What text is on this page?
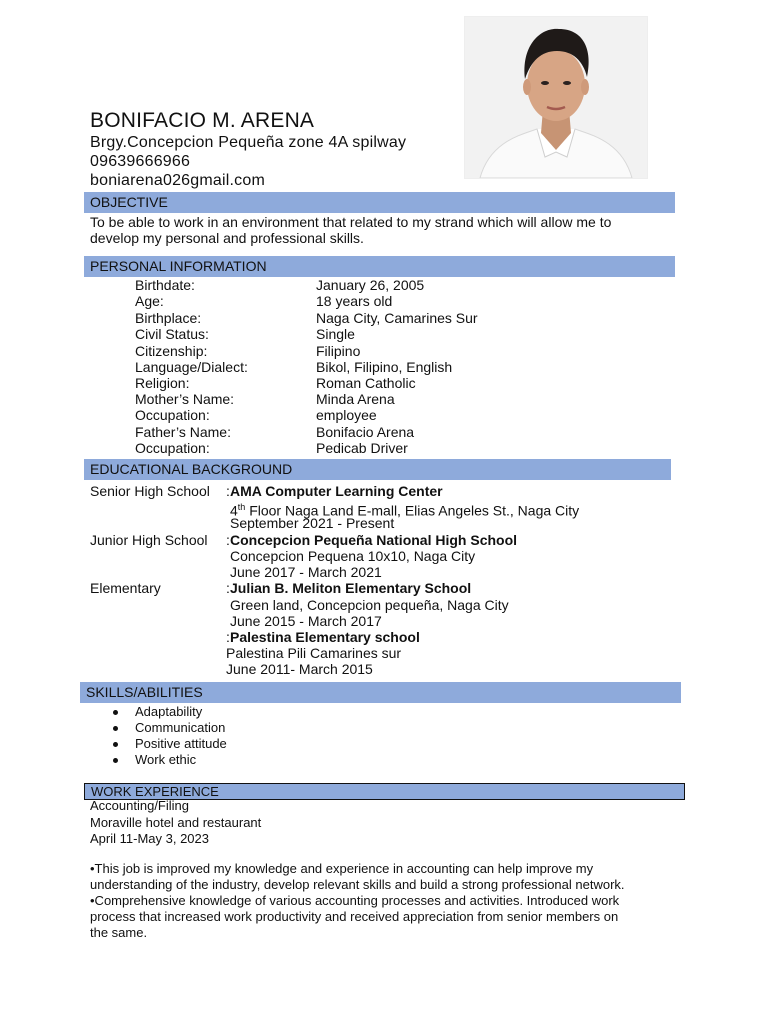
BONIFACIO M. ARENA
Brgy.Concepcion Pequeña zone 4A spilway
09639666966
boniarena026gmail.com
OBJECTIVE
To be able to work in an environment that related to my strand which will allow me to
develop my personal and professional skills.
PERSONAL INFORMATION
Birthdate:	January 26, 2005
Age:	18 years old
Birthplace:	Naga City, Camarines Sur
Civil Status:	Single
Citizenship:	Filipino
Language/Dialect:	Bikol, Filipino, English
Religion:	Roman Catholic
Mother’s Name:	Minda Arena
Occupation:	employee
Father’s Name:	Bonifacio Arena
Occupation:	Pedicab Driver
EDUCATIONAL BACKGROUND
Senior High School : AMA Computer Learning Center
4th Floor Naga Land E-mall, Elias Angeles St., Naga City
September 2021 - Present
Junior High School : Concepcion Pequeña National High School
Concepcion Pequena 10x10, Naga City
June 2017 - March 2021
Elementary	: Julian B. Meliton Elementary School
Green land, Concepcion pequeña, Naga City
June 2015 - March 2017
: Palestina Elementary school
Palestina Pili Camarines sur
June 2011- March 2015
SKILLS/ABILITIES
Adaptability
Communication
Positive attitude
Work ethic
WORK EXPERIENCE
Accounting/Filing
Moraville hotel and restaurant
April 11-May 3, 2023
•This job is improved my knowledge and experience in accounting can help improve my
understanding of the industry, develop relevant skills and build a strong professional network.
•Comprehensive knowledge of various accounting processes and activities. Introduced work
process that increased work productivity and received appreciation from senior members on
the same.
